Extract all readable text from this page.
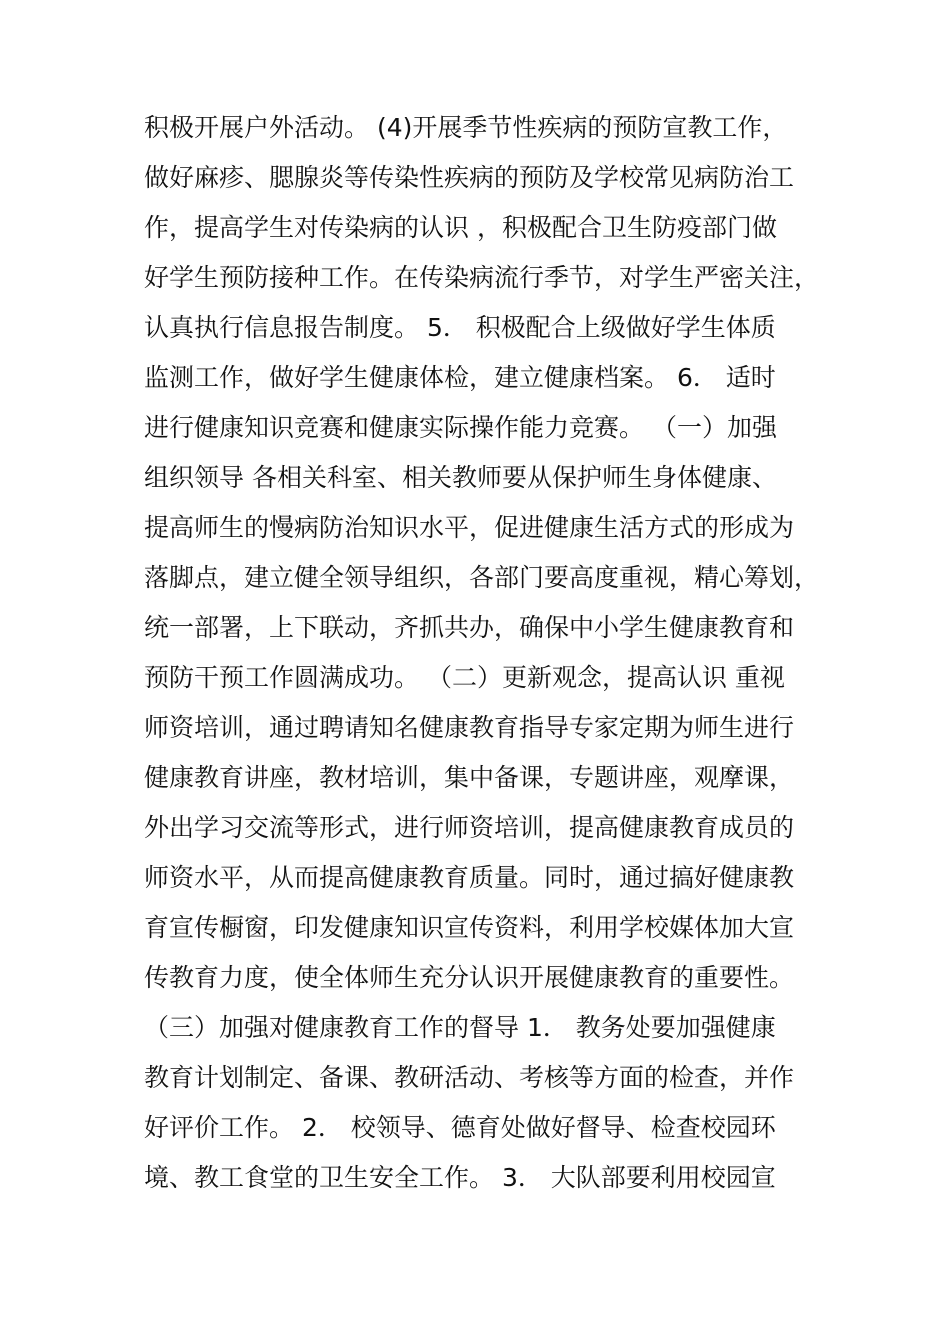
积极开展户外活动。 (4)开展季节性疾病的预防宣教工作，
做好麻疹、腮腺炎等传染性疾病的预防及学校常见病防治工
作，提高学生对传染病的认识 ，积极配合卫生防疫部门做
好学生预防接种工作。在传染病流行季节，对学生严密关注，
认真执行信息报告制度。 5． 积极配合上级做好学生体质
监测工作，做好学生健康体检，建立健康档案。 6． 适时
进行健康知识竞赛和健康实际操作能力竞赛。 （一）加强
组织领导 各相关科室、相关教师要从保护师生身体健康、
提高师生的慢病防治知识水平，促进健康生活方式的形成为
落脚点，建立健全领导组织，各部门要高度重视，精心筹划，
统一部署，上下联动，齐抓共办，确保中小学生健康教育和
预防干预工作圆满成功。 （二）更新观念，提高认识 重视
师资培训，通过聘请知名健康教育指导专家定期为师生进行
健康教育讲座，教材培训，集中备课，专题讲座，观摩课，
外出学习交流等形式，进行师资培训，提高健康教育成员的
师资水平，从而提高健康教育质量。同时，通过搞好健康教
育宣传橱窗，印发健康知识宣传资料，利用学校媒体加大宣
传教育力度，使全体师生充分认识开展健康教育的重要性。
（三）加强对健康教育工作的督导 1． 教务处要加强健康
教育计划制定、备课、教研活动、考核等方面的检查，并作
好评价工作。 2． 校领导、德育处做好督导、检查校园环
境、教工食堂的卫生安全工作。 3． 大队部要利用校园宣
